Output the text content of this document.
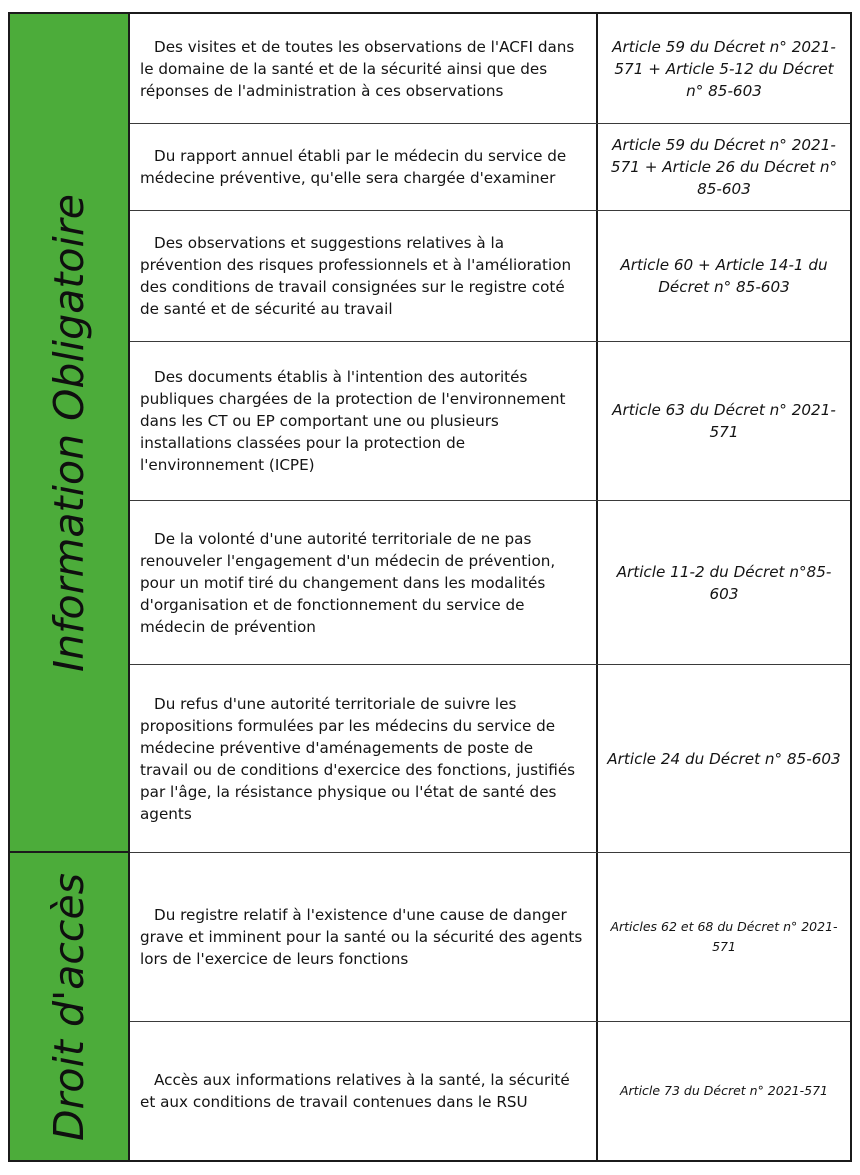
Information Obligatoire
Droit d'accès
Des visites et de toutes les observations de l'ACFI dans le domaine de la santé et de la sécurité ainsi que des réponses de l'administration à ces observations
Article 59 du Décret n° 2021-571 + Article 5-12 du Décret n° 85-603
Du rapport annuel établi par le médecin du service de médecine préventive, qu'elle sera chargée d'examiner
Article 59 du Décret n° 2021-571 + Article 26 du Décret n° 85-603
Des observations et suggestions relatives à la prévention des risques professionnels et à l'amélioration des conditions de travail consignées sur le registre coté de santé et de sécurité au travail
Article 60 + Article 14-1 du Décret n° 85-603
Des documents établis à l'intention des autorités publiques chargées de la protection de l'environnement dans les CT ou EP comportant une ou plusieurs installations classées pour la protection de l'environnement (ICPE)
Article 63 du Décret n° 2021-571
De la volonté d'une autorité territoriale de ne pas renouveler l'engagement d'un médecin de prévention, pour un motif tiré du changement dans les modalités d'organisation et de fonctionnement du service de médecin de prévention
Article 11-2 du Décret n°85-603
Du refus d'une autorité territoriale de suivre les propositions formulées par les médecins du service de médecine préventive d'aménagements de poste de travail ou de conditions d'exercice des fonctions, justifiés par l'âge, la résistance physique ou l'état de santé des agents
Article 24 du Décret n° 85-603
Du registre relatif à l'existence d'une cause de danger grave et imminent pour la santé ou la sécurité des agents lors de l'exercice de leurs fonctions
Articles 62 et 68 du Décret n° 2021-571
Accès aux informations relatives à la santé, la sécurité et aux conditions de travail contenues dans le RSU
Article 73 du Décret n° 2021-571
